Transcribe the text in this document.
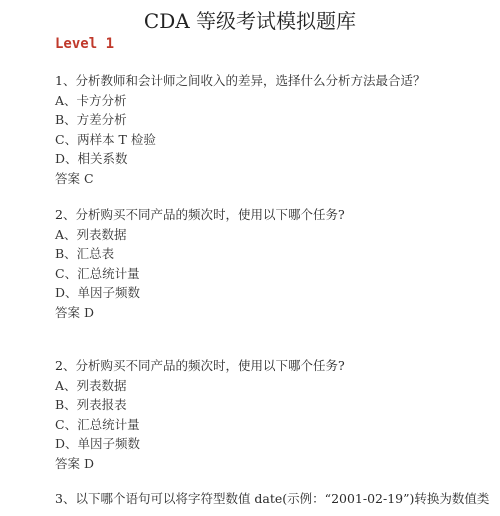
CDA 等级考试模拟题库
Level 1
1、分析教师和会计师之间收入的差异，选择什么分析方法最合适？
A、卡方分析
B、方差分析
C、两样本 T 检验
D、相关系数
答案 C
2、分析购买不同产品的频次时，使用以下哪个任务?
A、列表数据
B、汇总表
C、汇总统计量
D、单因子频数
答案 D
2、分析购买不同产品的频次时，使用以下哪个任务?
A、列表数据
B、列表报表
C、汇总统计量
D、单因子频数
答案 D
3、以下哪个语句可以将字符型数值 date(示例：“2001-02-19”)转换为数值类
